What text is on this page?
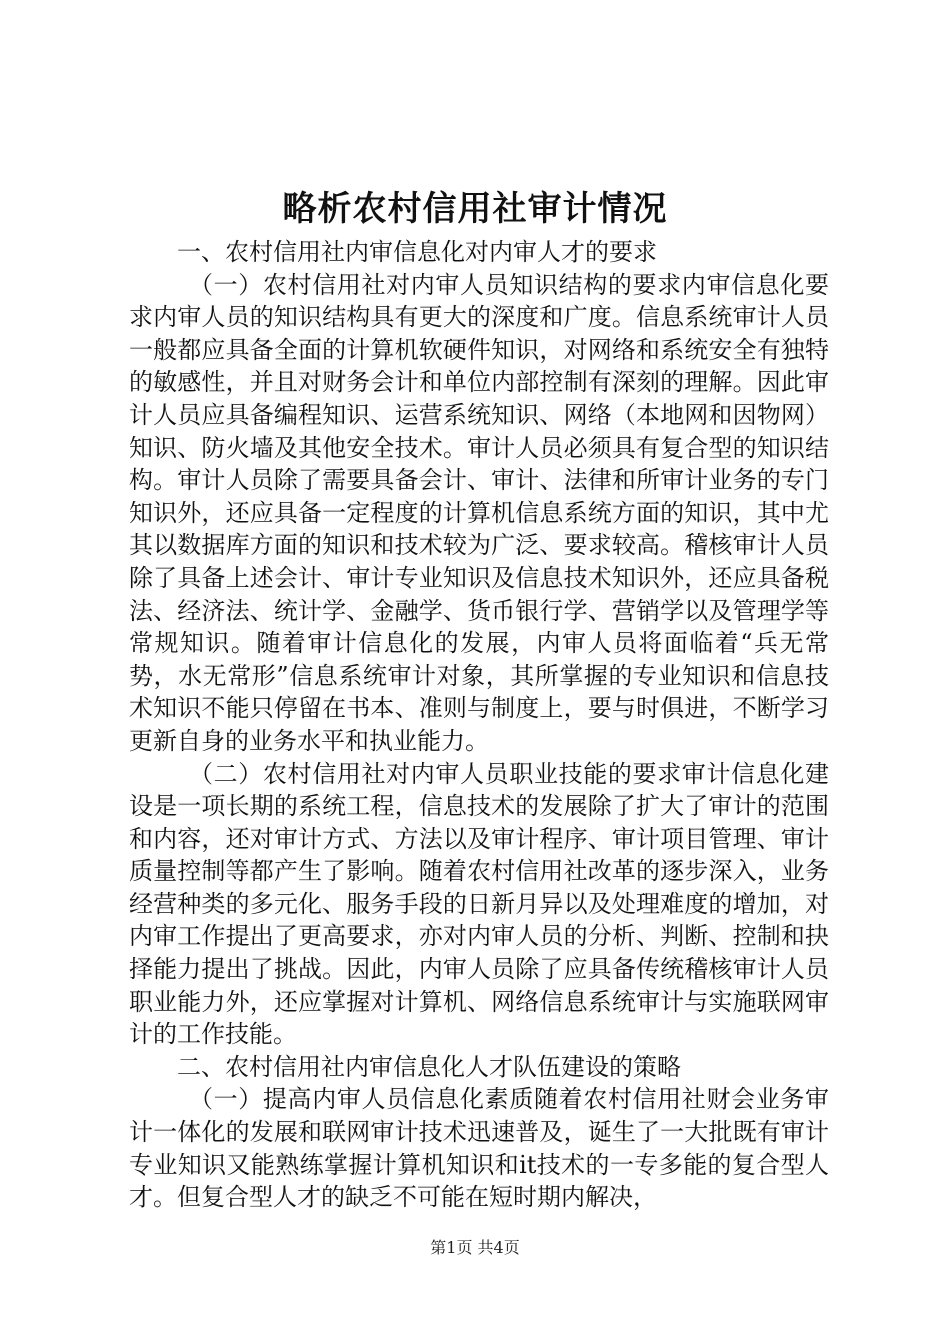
略析农村信用社审计情况

一、农村信用社内审信息化对内审人才的要求

（一）农村信用社对内审人员知识结构的要求内审信息化要求内审人员的知识结构具有更大的深度和广度。信息系统审计人员一般都应具备全面的计算机软硬件知识，对网络和系统安全有独特的敏感性，并且对财务会计和单位内部控制有深刻的理解。因此审计人员应具备编程知识、运营系统知识、网络（本地网和因物网）知识、防火墙及其他安全技术。审计人员必须具有复合型的知识结构。审计人员除了需要具备会计、审计、法律和所审计业务的专门知识外，还应具备一定程度的计算机信息系统方面的知识，其中尤其以数据库方面的知识和技术较为广泛、要求较高。稽核审计人员除了具备上述会计、审计专业知识及信息技术知识外，还应具备税法、经济法、统计学、金融学、货币银行学、营销学以及管理学等常规知识。随着审计信息化的发展，内审人员将面临着“兵无常势，水无常形”信息系统审计对象，其所掌握的专业知识和信息技术知识不能只停留在书本、准则与制度上，要与时俱进，不断学习更新自身的业务水平和执业能力。

（二）农村信用社对内审人员职业技能的要求审计信息化建设是一项长期的系统工程，信息技术的发展除了扩大了审计的范围和内容，还对审计方式、方法以及审计程序、审计项目管理、审计质量控制等都产生了影响。随着农村信用社改革的逐步深入，业务经营种类的多元化、服务手段的日新月异以及处理难度的增加，对内审工作提出了更高要求，亦对内审人员的分析、判断、控制和抉择能力提出了挑战。因此，内审人员除了应具备传统稽核审计人员职业能力外，还应掌握对计算机、网络信息系统审计与实施联网审计的工作技能。

二、农村信用社内审信息化人才队伍建设的策略

（一）提高内审人员信息化素质随着农村信用社财会业务审计一体化的发展和联网审计技术迅速普及，诞生了一大批既有审计专业知识又能熟练掌握计算机知识和it技术的一专多能的复合型人才。但复合型人才的缺乏不可能在短时期内解决，

第1页 共4页
